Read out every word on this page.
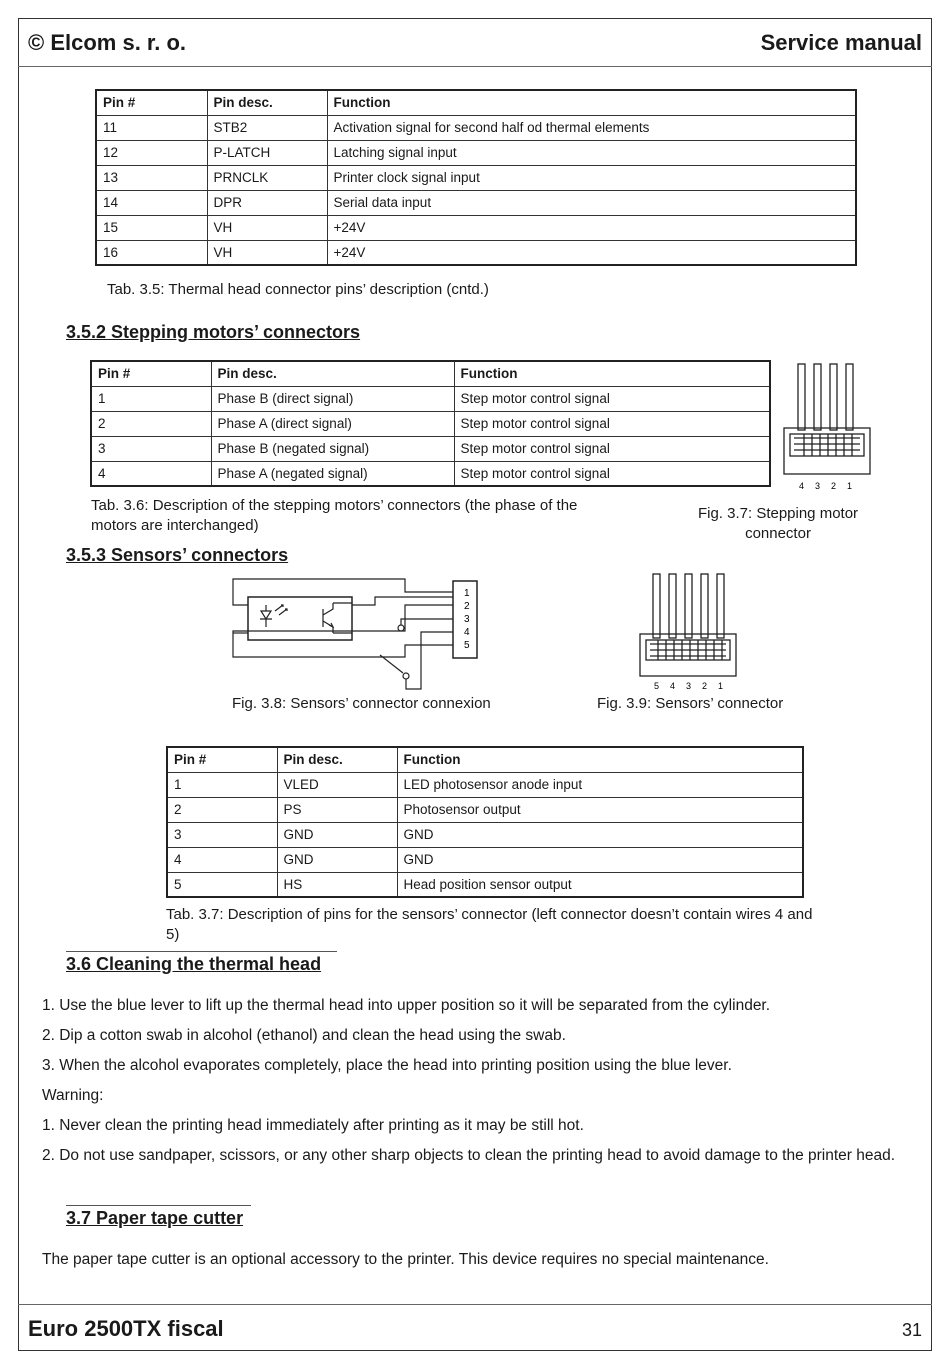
© Elcom s. r. o.	Service manual
Pin #	Pin desc.	Function
11	STB2	Activation signal for second half od thermal elements
12	P-LATCH	Latching signal input
13	PRNCLK	Printer clock signal input
14	DPR	Serial data input
15	VH	+24V
16	VH	+24V
Tab. 3.5: Thermal head connector pins’ description (cntd.)
3.5.2 Stepping motors’ connectors
Pin #	Pin desc.	Function
1	Phase B (direct signal)	Step motor control signal
2	Phase A (direct signal)	Step motor control signal
3	Phase B (negated signal)	Step motor control signal
4	Phase A (negated signal)	Step motor control signal
Tab. 3.6: Description of the stepping motors’ connectors (the phase of the motors are interchanged)
4 3 2 1
Fig. 3.7: Stepping motor
connector
3.5.3 Sensors’ connectors
1
2
3
4
5
Fig. 3.8: Sensors’ connector connexion
5 4 3 2 1
Fig. 3.9: Sensors’ connector
Pin #	Pin desc.	Function
1	VLED	LED photosensor anode input
2	PS	Photosensor output
3	GND	GND
4	GND	GND
5	HS	Head position sensor output
Tab. 3.7: Description of pins for the sensors’ connector (left connector doesn’t contain wires 4 and 5)
3.6 Cleaning the thermal head
1. Use the blue lever to lift up the thermal head into upper position so it will be separated from the cylinder.
2. Dip a cotton swab in alcohol (ethanol) and clean the head using the swab.
3. When the alcohol evaporates completely, place the head into printing position using the blue lever.
Warning:
1. Never clean the printing head immediately after printing as it may be still hot.
2. Do not use sandpaper, scissors, or any other sharp objects to clean the printing head to avoid damage to the printer head.
3.7 Paper tape cutter
The paper tape cutter is an optional accessory to the printer. This device requires no special maintenance.
Euro 2500TX fiscal	31
